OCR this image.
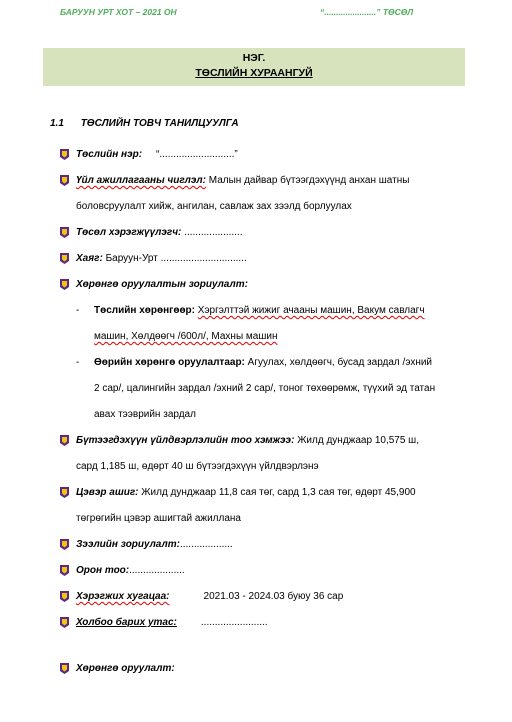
БАРУУН УРТ ХОТ – 2021 ОН	“......................” ТӨСӨЛ
НЭГ.
ТӨСЛИЙН ХУРААНГУЙ
1.1 ТӨСЛИЙН ТОВЧ ТАНИЛЦУУЛГА
Төслийн нэр: “...........................”
Үйл ажиллагааны чиглэл: Малын дайвар бүтээгдэхүүнд анхан шатны
боловсруулалт хийж, ангилан, савлаж зах зээлд борлуулах
Төсөл хэрэгжүүлэгч: .....................
Хаяг: Баруун-Урт ...............................
Хөрөнгө оруулалтын зориулалт:
- Төслийн хөрөнгөөр: Хэргэлттэй жижиг ачааны машин, Вакум савлагч
машин, Хөлдөөгч /600л/, Махны машин
- Өөрийн хөрөнгө оруулалтаар: Агуулах, хөлдөөгч, бусад зардал /эхний
2 сар/, цалингийн зардал /эхний 2 сар/, тоног төхөөрөмж, түүхий эд татан
авах тээврийн зардал
Бүтээгдэхүүн үйлдвэрлэлийн тоо хэмжээ: Жилд дунджаар 10,575 ш,
сард 1,185 ш, өдөрт 40 ш бүтээгдэхүүн үйлдвэрлэнэ
Цэвэр ашиг: Жилд дунджаар 11,8 сая төг, сард 1,3 сая төг, өдөрт 45,900
төгрөгийн цэвэр ашигтай ажиллана
Зээлийн зориулалт:...................
Орон тоо:....................
Хэрэгжих хугацаа:	2021.03 - 2024.03 буюу 36 сар
Холбоо барих утас: ........................
Хөрөнгө оруулалт:
